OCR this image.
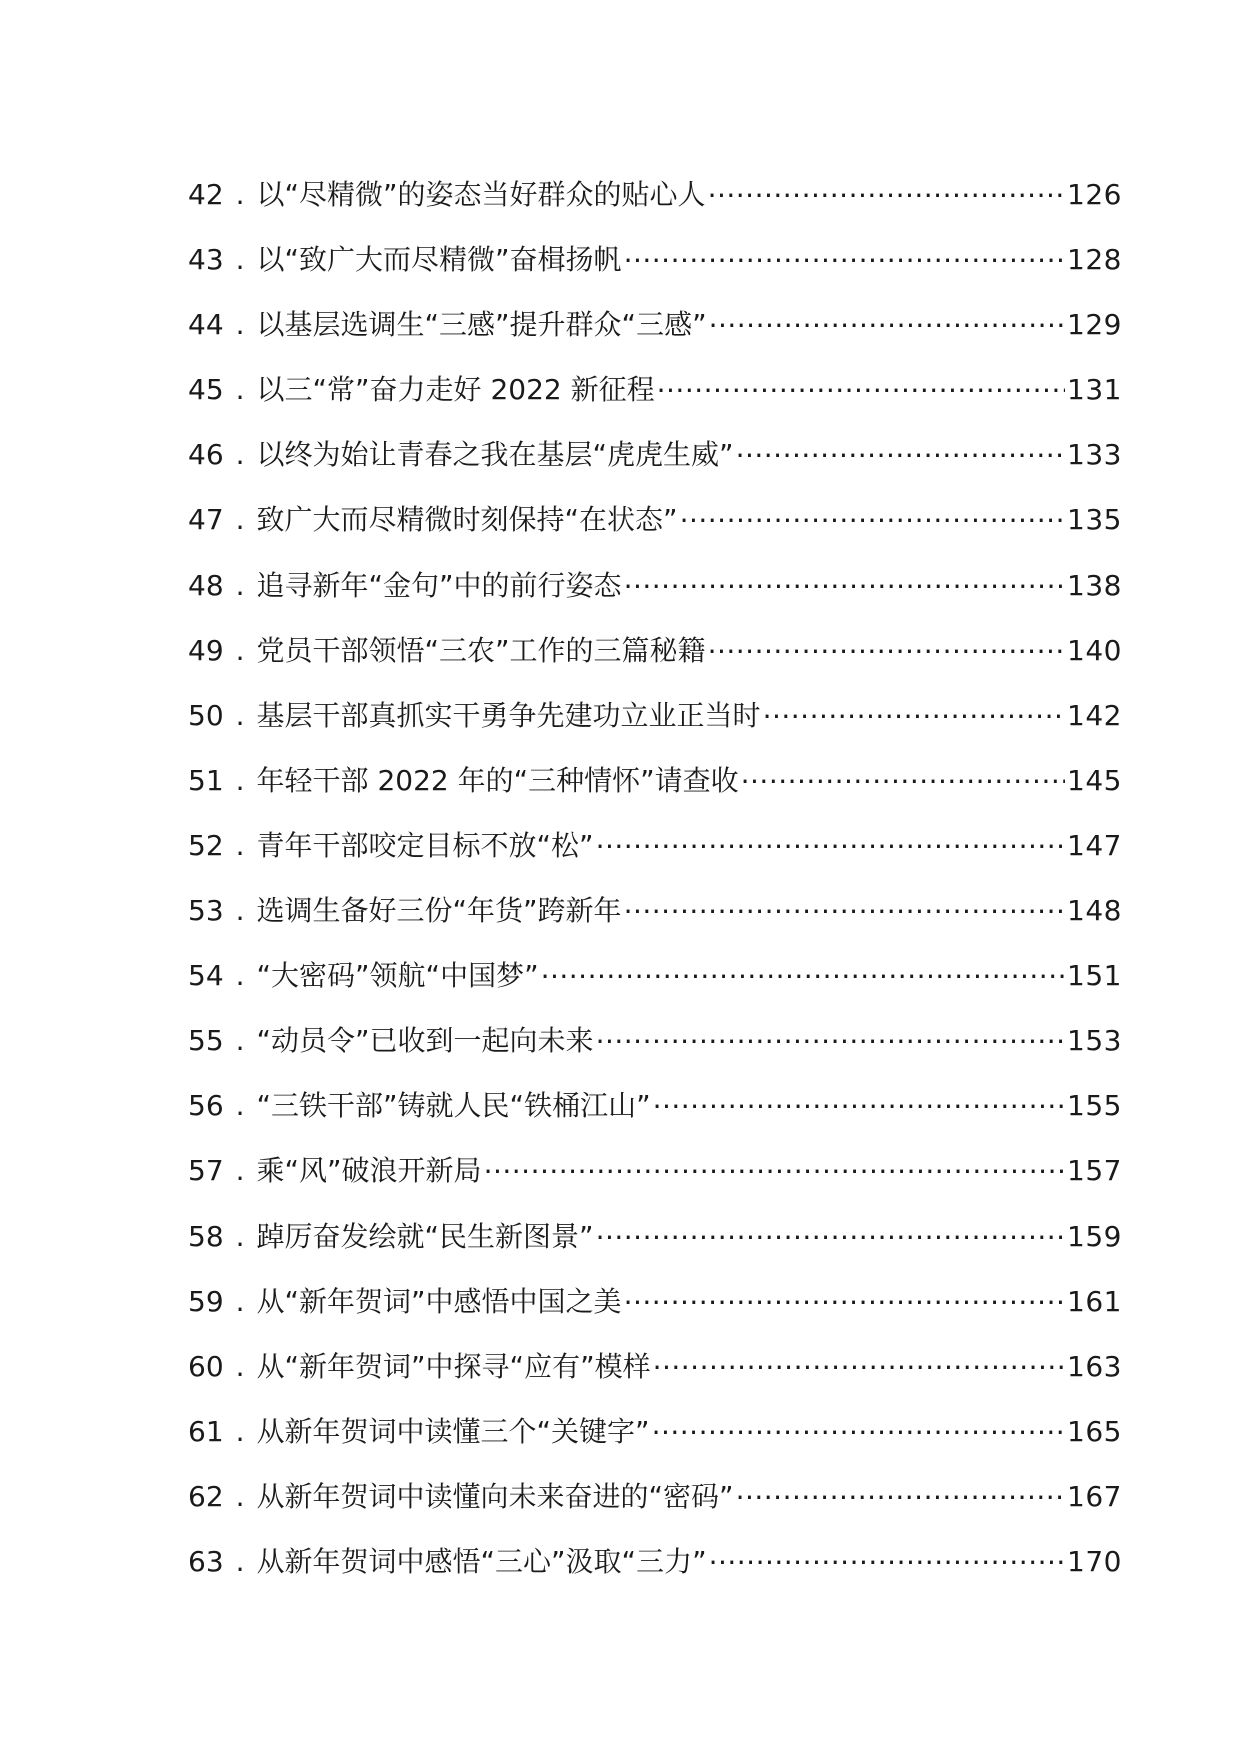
42 . 以“尽精微”的姿态当好群众的贴心人 .....	126
43 . 以“致广大而尽精微”奋楫扬帆 .....	128
44 . 以基层选调生“三感”提升群众“三感” .....	129
45 . 以三“常”奋力走好 2022 新征程 .....	131
46 . 以终为始让青春之我在基层“虎虎生威” .....	133
47 . 致广大而尽精微时刻保持“在状态” .....	135
48 . 追寻新年“金句”中的前行姿态 .....	138
49 . 党员干部领悟“三农”工作的三篇秘籍 .....	140
50 . 基层干部真抓实干勇争先建功立业正当时 .....	142
51 . 年轻干部 2022 年的“三种情怀”请查收 .....	145
52 . 青年干部咬定目标不放“松” .....	147
53 . 选调生备好三份“年货”跨新年 .....	148
54 . “大密码”领航“中国梦” .....	151
55 . “动员令”已收到一起向未来 .....	153
56 . “三铁干部”铸就人民“铁桶江山” .....	155
57 . 乘“风”破浪开新局 .....	157
58 . 踔厉奋发绘就“民生新图景” .....	159
59 . 从“新年贺词”中感悟中国之美 .....	161
60 . 从“新年贺词”中探寻“应有”模样 .....	163
61 . 从新年贺词中读懂三个“关键字” .....	165
62 . 从新年贺词中读懂向未来奋进的“密码” .....	167
63 . 从新年贺词中感悟“三心”汲取“三力” .....	170
